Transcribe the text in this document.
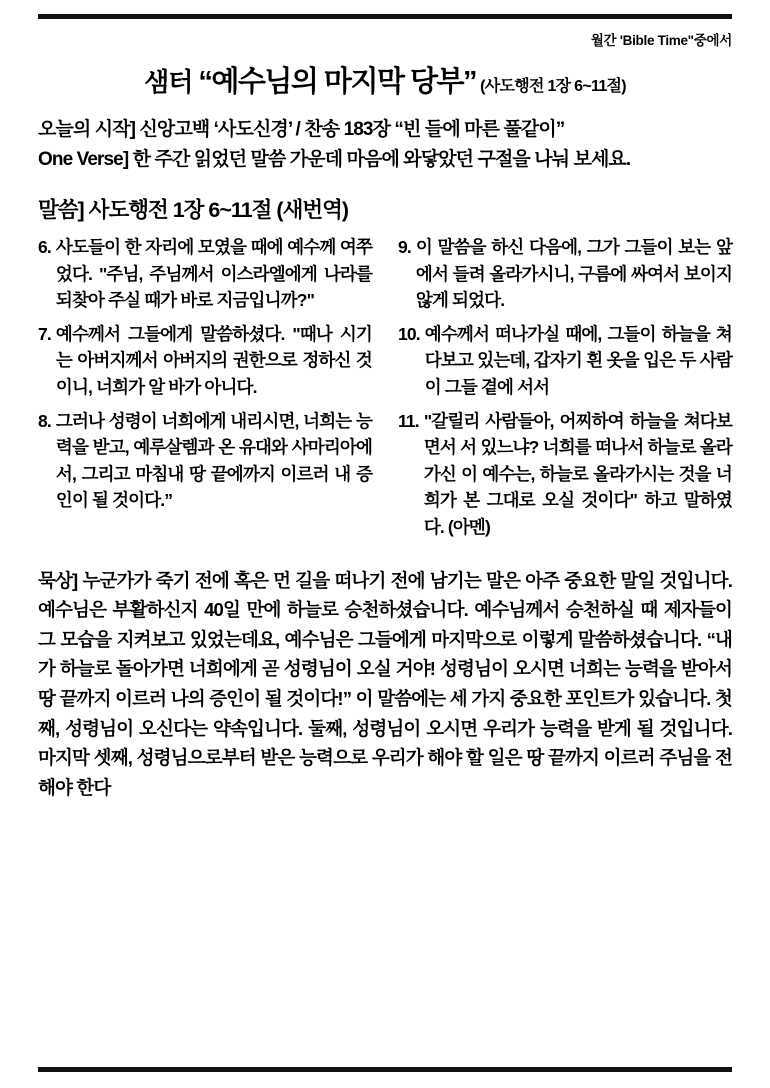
월간 'Bible Time"중에서
샘터 “예수님의 마지막 당부” (사도행전 1장 6~11절)
오늘의 시작] 신앙고백 ‘사도신경’ / 찬송 183장 “빈 들에 마른 풀같이”
One Verse] 한 주간 읽었던 말씀 가운데 마음에 와닿았던 구절을 나눠 보세요.
말씀] 사도행전 1장 6~11절 (새번역)
6. 사도들이 한 자리에 모였을 때에 예수께 여쭈었다. "주님, 주님께서 이스라엘에게 나라를 되찾아 주실 때가 바로 지금입니까?"
7. 예수께서 그들에게 말씀하셨다. "때나 시기는 아버지께서 아버지의 권한으로 정하신 것이니, 너희가 알 바가 아니다.
8. 그러나 성령이 너희에게 내리시면, 너희는 능력을 받고, 예루살렘과 온 유대와 사마리아에서, 그리고 마침내 땅 끝에까지 이르러 내 증인이 될 것이다.”
9. 이 말씀을 하신 다음에, 그가 그들이 보는 앞에서 들려 올라가시니, 구름에 싸여서 보이지 않게 되었다.
10. 예수께서 떠나가실 때에, 그들이 하늘을 쳐다보고 있는데, 갑자기 흰 옷을 입은 두 사람이 그들 곁에 서서
11. "갈릴리 사람들아, 어찌하여 하늘을 쳐다보면서 서 있느냐? 너희를 떠나서 하늘로 올라가신 이 예수는, 하늘로 올라가시는 것을 너희가 본 그대로 오실 것이다" 하고 말하였다. (아멘)
묵상] 누군가가 죽기 전에 혹은 먼 길을 떠나기 전에 남기는 말은 아주 중요한 말일 것입니다. 예수님은 부활하신지 40일 만에 하늘로 승천하셨습니다. 예수님께서 승천하실 때 제자들이 그 모습을 지켜보고 있었는데요, 예수님은 그들에게 마지막으로 이렇게 말씀하셨습니다. “내가 하늘로 돌아가면 너희에게 곧 성령님이 오실 거야! 성령님이 오시면 너희는 능력을 받아서 땅 끝까지 이르러 나의 증인이 될 것이다!” 이 말씀에는 세 가지 중요한 포인트가 있습니다. 첫째, 성령님이 오신다는 약속입니다. 둘째, 성령님이 오시면 우리가 능력을 받게 될 것입니다. 마지막 셋째, 성령님으로부터 받은 능력으로 우리가 해야 할 일은 땅 끝까지 이르러 주님을 전해야 한다
